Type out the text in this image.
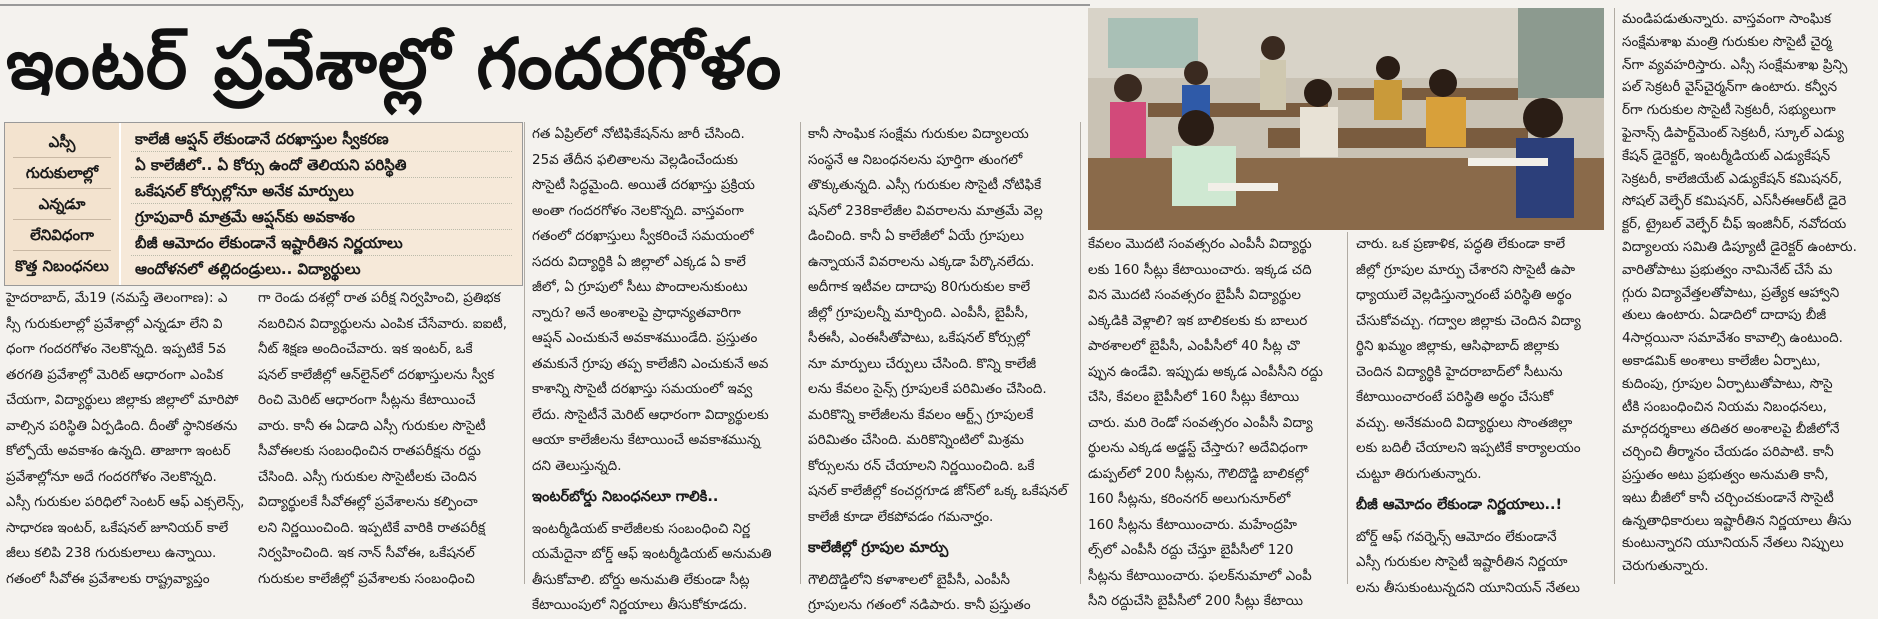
ఇంటర్ ప్రవేశాల్లో గందరగోళం
ఎస్సీ
గురుకులాల్లో
ఎన్నడూ
లేనివిధంగా
కొత్త నిబంధనలు
కాలేజీ ఆప్షన్ లేకుండానే దరఖాస్తుల స్వీకరణ
ఏ కాలేజీలో.. ఏ కోర్సు ఉందో తెలియని పరిస్థితి
ఒకేషనల్ కోర్సుల్లోనూ అనేక మార్పులు
గ్రూపువారీ మాత్రమే ఆప్షన్‌కు అవకాశం
బీజీ ఆమోదం లేకుండానే ఇష్టారీతిన నిర్ణయాలు
ఆందోళనలో తల్లిదండ్రులు.. విద్యార్థులు
హైదరాబాద్, మే19 (నమస్తే తెలంగాణ): ఎ
స్సీ గురుకులాల్లో ప్రవేశాల్లో ఎన్నడూ లేని వి
ధంగా గందరగోళం నెలకొన్నది. ఇప్పటికే 5వ
తరగతి ప్రవేశాల్లో మెరిట్ ఆధారంగా ఎంపిక
చేయగా, విద్యార్థులు జిల్లాకు జిల్లాలో మారిపో
వాల్సిన పరిస్థితి ఏర్పడింది. దీంతో స్థానికతను
కోల్పోయే అవకాశం ఉన్నది. తాజాగా ఇంటర్
ప్రవేశాల్లోనూ అదే గందరగోళం నెలకొన్నది.
ఎస్సీ గురుకుల పరిధిలో సెంటర్ ఆఫ్ ఎక్సలెన్స్,
సాధారణ ఇంటర్, ఒకేషనల్ జూనియర్ కాలే
జీలు కలిపి 238 గురుకులాలు ఉన్నాయి.
గతంలో సీవోఈ ప్రవేశాలకు రాష్ట్రవ్యాప్తం
గా రెండు దశల్లో రాత పరీక్ష నిర్వహించి, ప్రతిభక
నబరిచిన విద్యార్థులను ఎంపిక చేసేవారు. ఐఐటీ,
నీట్ శిక్షణ అందించేవారు. ఇక ఇంటర్, ఒకే
షనల్ కాలేజీల్లో ఆన్‌లైన్‌లో దరఖాస్తులను స్వీక
రించి మెరిట్ ఆధారంగా సీట్లను కేటాయించే
వారు. కానీ ఈ ఏడాది ఎస్సీ గురుకుల సొసైటీ
సీవోఈలకు సంబంధించిన రాతపరీక్షను రద్దు
చేసింది. ఎస్సీ గురుకుల సొసైటీలకు చెందిన
విద్యార్థులకే సీవోఈల్లో ప్రవేశాలను కల్పించా
లని నిర్ణయించింది. ఇప్పటికే వారికి రాతపరీక్ష
నిర్వహించింది. ఇక నాన్ సీవోఈ, ఒకేషనల్
గురుకుల కాలేజీల్లో ప్రవేశాలకు సంబంధించి
గత ఏప్రిల్‌లో నోటిఫికేషన్‌ను జారీ చేసింది.
25వ తేదీన ఫలితాలను వెల్లడించేందుకు
సొసైటీ సిద్ధమైంది. అయితే దరఖాస్తు ప్రక్రియ
అంతా గందరగోళం నెలకొన్నది. వాస్తవంగా
గతంలో దరఖాస్తులు స్వీకరించే సమయంలో
సదరు విద్యార్థికి ఏ జిల్లాలో ఎక్కడ ఏ కాలే
జీలో, ఏ గ్రూపులో సీటు పొందాలనుకుంటు
న్నారు? అనే అంశాలపై ప్రాధాన్యతవారిగా
ఆప్షన్ ఎంచుకునే అవకాశముండేది. ప్రస్తుతం
తమకునే గ్రూపు తప్ప కాలేజీని ఎంచుకునే అవ
కాశాన్ని సొసైటీ దరఖాస్తు సమయంలో ఇవ్వ
లేదు. సొసైటీనే మెరిట్ ఆధారంగా విద్యార్థులకు
ఆయా కాలేజీలను కేటాయించే అవకాశమున్న
దని తెలుస్తున్నది.
ఇంటర్‌బోర్డు నిబంధనలూ గాలికి..
ఇంటర్మీడియట్ కాలేజీలకు సంబంధించి నిర్ణ
యమేదైనా బోర్డ్ ఆఫ్ ఇంటర్మీడియట్ అనుమతి
తీసుకోవాలి. బోర్డు అనుమతి లేకుండా సీట్ల
కేటాయింపులో నిర్ణయాలు తీసుకోకూడదు.
కానీ సాంఘిక సంక్షేమ గురుకుల విద్యాలయ
సంస్థనే ఆ నిబంధనలను పూర్తిగా తుంగలో
తొక్కుతున్నది. ఎస్సీ గురుకుల సొసైటీ నోటిఫికే
షన్‌లో 238కాలేజీల వివరాలను మాత్రమే వెల్ల
డించింది. కానీ ఏ కాలేజీలో ఏయే గ్రూపులు
ఉన్నాయనే వివరాలను ఎక్కడా పేర్కొనలేదు.
అదీగాక ఇటీవల దాదాపు 80గురుకుల కాలే
జీల్లో గ్రూపులన్నీ మార్చింది. ఎంపీసీ, బైపీసీ,
సీఈసీ, ఎంఈసీతోపాటు, ఒకేషనల్ కోర్సుల్లో
నూ మార్పులు చేర్పులు చేసింది. కొన్ని కాలేజీ
లను కేవలం సైన్స్ గ్రూపులకే పరిమితం చేసింది.
మరికొన్ని కాలేజీలను కేవలం ఆర్ట్స్ గ్రూపులకే
పరిమితం చేసింది. మరికొన్నింటిలో మిశ్రమ
కోర్సులను రన్ చేయాలని నిర్ణయించింది. ఒకే
షనల్ కాలేజీల్లో కంచర్లగూడ జోన్‌లో ఒక్క ఒకేషనల్
కాలేజీ కూడా లేకపోవడం గమనార్హం.
కాలేజీల్లో గ్రూపుల మార్పు
గౌలిదొడ్డిలోని కళాశాలలో బైపీసీ, ఎంపీసీ
గ్రూపులను గతంలో నడిపారు. కానీ ప్రస్తుతం
కేవలం మొదటి సంవత్సరం ఎంపీసీ విద్యార్థు
లకు 160 సీట్లు కేటాయించారు. ఇక్కడ చది
విన మొదటి సంవత్సరం బైపీసీ విద్యార్థుల
ఎక్కడికి వెళ్లాలి? ఇక బాలికలకు కు బాలుర
పాఠశాలలో బైపీసీ, ఎంపీసీలో 40 సీట్ల చొ
ప్పున ఉండేవి. ఇప్పుడు అక్కడ ఎంపీసీని రద్దు
చేసి, కేవలం బైపీసీలో 160 సీట్లు కేటాయి
చారు. మరి రెండో సంవత్సరం ఎంపీసీ విద్యా
ర్థులను ఎక్కడ అడ్జస్ట్ చేస్తారు? అదేవిధంగా
డుప్పల్‌లో 200 సీట్లను, గౌలిదొడ్డి బాలికల్లో
160 సీట్లను, కరింనగర్ అలుగునూర్‌లో
160 సీట్లను కేటాయించారు. మహేంద్రహి
ల్స్‌లో ఎంపీసీ రద్దు చేస్తూ బైపీసీలో 120
సీట్లను కేటాయించారు. ఫలక్‌నుమాలో ఎంపీ
సీని రద్దుచేసి బైపీసీలో 200 సీట్లు కేటాయి
చారు. ఒక ప్రణాళిక, పద్ధతి లేకుండా కాలే
జీల్లో గ్రూపుల మార్పు చేశారని సొసైటీ ఉపా
ధ్యాయులే వెల్లడిస్తున్నారంటే పరిస్థితి అర్థం
చేసుకోవచ్చు. గద్వాల జిల్లాకు చెందిన విద్యా
ర్థిని ఖమ్మం జిల్లాకు, ఆసిఫాబాద్ జిల్లాకు
చెందిన విద్యార్థికి హైదరాబాద్‌లో సీటును
కేటాయించారంటే పరిస్థితి అర్థం చేసుకో
వచ్చు. అనేకమంది విద్యార్థులు సొంతజిల్లా
లకు బదిలీ చేయాలని ఇప్పటికే కార్యాలయం
చుట్టూ తిరుగుతున్నారు.
బీజీ ఆమోదం లేకుండా నిర్ణయాలు..!
బోర్డ్ ఆఫ్ గవర్నెన్స్ ఆమోదం లేకుండానే
ఎస్సీ గురుకుల సొసైటీ ఇష్టారీతిన నిర్ణయా
లను తీసుకుంటున్నదని యూనియన్ నేతలు
మండిపడుతున్నారు. వాస్తవంగా సాంఘిక
సంక్షేమశాఖ మంత్రి గురుకుల సొసైటీ చైర్మ
న్‌గా వ్యవహరిస్తారు. ఎస్సీ సంక్షేమశాఖ ప్రిన్సి
పల్ సెక్రటరీ వైస్‌చైర్మన్‌గా ఉంటారు. కన్వీన
ర్‌గా గురుకుల సొసైటీ సెక్రటరీ, సభ్యులుగా
ఫైనాన్స్ డిపార్ట్‌మెంట్ సెక్రటరీ, స్కూల్ ఎడ్యు
కేషన్ డైరెక్టర్, ఇంటర్మీడియట్ ఎడ్యుకేషన్
సెక్రటరీ, కాలేజియేట్ ఎడ్యుకేషన్ కమిషనర్,
సోషల్ వెల్ఫేర్ కమిషనర్, ఎస్‌సీఈఆర్‌టీ డైరె
క్టర్, ట్రైబల్ వెల్ఫేర్ చీఫ్ ఇంజినీర్, నవోదయ
విద్యాలయ సమితి డిప్యూటీ డైరెక్టర్ ఉంటారు.
వారితోపాటు ప్రభుత్వం నామినేట్ చేసే మ
గ్గురు విద్యావేత్తలతోపాటు, ప్రత్యేక ఆహ్వాని
తులు ఉంటారు. ఏడాదిలో దాదాపు బీజీ
4సార్లయినా సమావేశం కావాల్సి ఉంటుంది.
అకాడమిక్ అంశాలు కాలేజీల ఏర్పాటు,
కుదింపు, గ్రూపుల ఏర్పాటుతోపాటు, సొసై
టీకి సంబంధించిన నియమ నిబంధనలు,
మార్గదర్శకాలు తదితర అంశాలపై బీజీలోనే
చర్చించి తీర్మానం చేయడం పరిపాటి. కానీ
ప్రస్తుతం అటు ప్రభుత్వం అనుమతి కానీ,
ఇటు బీజీలో కానీ చర్చించకుండానే సొసైటీ
ఉన్నతాధికారులు ఇష్టారీతిన నిర్ణయాలు తీసు
కుంటున్నారని యూనియన్ నేతలు నిప్పులు
చెరుగుతున్నారు.
